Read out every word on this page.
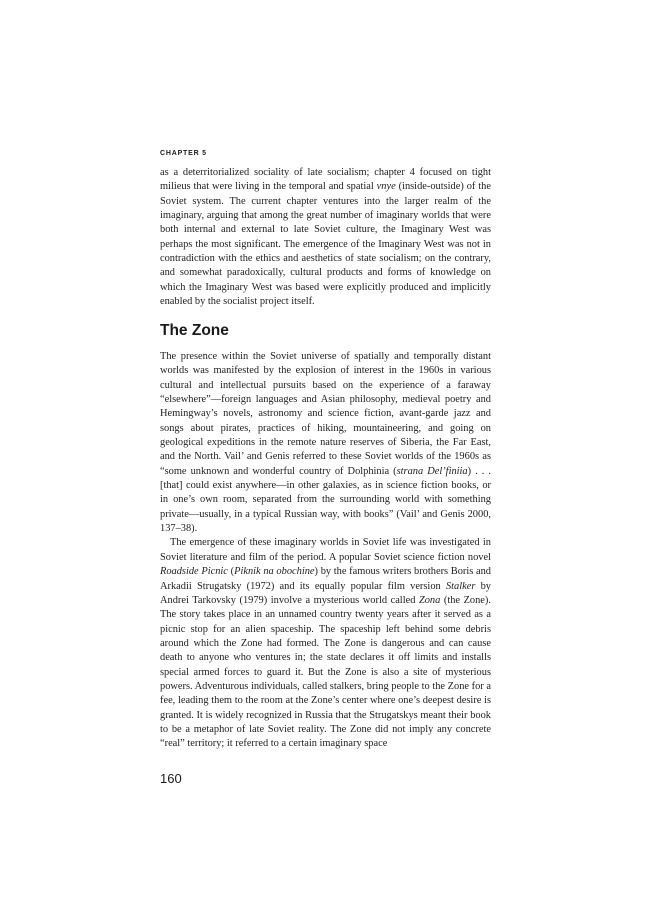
CHAPTER 5
as a deterritorialized sociality of late socialism; chapter 4 focused on tight milieus that were living in the temporal and spatial vnye (inside-outside) of the Soviet system. The current chapter ventures into the larger realm of the imaginary, arguing that among the great number of imaginary worlds that were both internal and external to late Soviet culture, the Imaginary West was perhaps the most significant. The emergence of the Imaginary West was not in contradiction with the ethics and aesthetics of state socialism; on the contrary, and somewhat paradoxically, cultural products and forms of knowledge on which the Imaginary West was based were explicitly produced and implicitly enabled by the socialist project itself.
The Zone

The presence within the Soviet universe of spatially and temporally distant worlds was manifested by the explosion of interest in the 1960s in various cultural and intellectual pursuits based on the experience of a faraway “elsewhere”—foreign languages and Asian philosophy, medieval poetry and Hemingway’s novels, astronomy and science fiction, avant-garde jazz and songs about pirates, practices of hiking, mountaineering, and going on geological expeditions in the remote nature reserves of Siberia, the Far East, and the North. Vail’ and Genis referred to these Soviet worlds of the 1960s as “some unknown and wonderful country of Dolphinia (strana Del’finiia) . . . [that] could exist anywhere—in other galaxies, as in science fiction books, or in one’s own room, separated from the surrounding world with something private—usually, in a typical Russian way, with books” (Vail’ and Genis 2000, 137–38).

The emergence of these imaginary worlds in Soviet life was investigated in Soviet literature and film of the period. A popular Soviet science fiction novel Roadside Picnic (Piknik na obochine) by the famous writers brothers Boris and Arkadii Strugatsky (1972) and its equally popular film version Stalker by Andrei Tarkovsky (1979) involve a mysterious world called Zona (the Zone). The story takes place in an unnamed country twenty years after it served as a picnic stop for an alien spaceship. The spaceship left behind some debris around which the Zone had formed. The Zone is dangerous and can cause death to anyone who ventures in; the state declares it off limits and installs special armed forces to guard it. But the Zone is also a site of mysterious powers. Adventurous individuals, called stalkers, bring people to the Zone for a fee, leading them to the room at the Zone’s center where one’s deepest desire is granted. It is widely recognized in Russia that the Strugatskys meant their book to be a metaphor of late Soviet reality. The Zone did not imply any concrete “real” territory; it referred to a certain imaginary space

160
